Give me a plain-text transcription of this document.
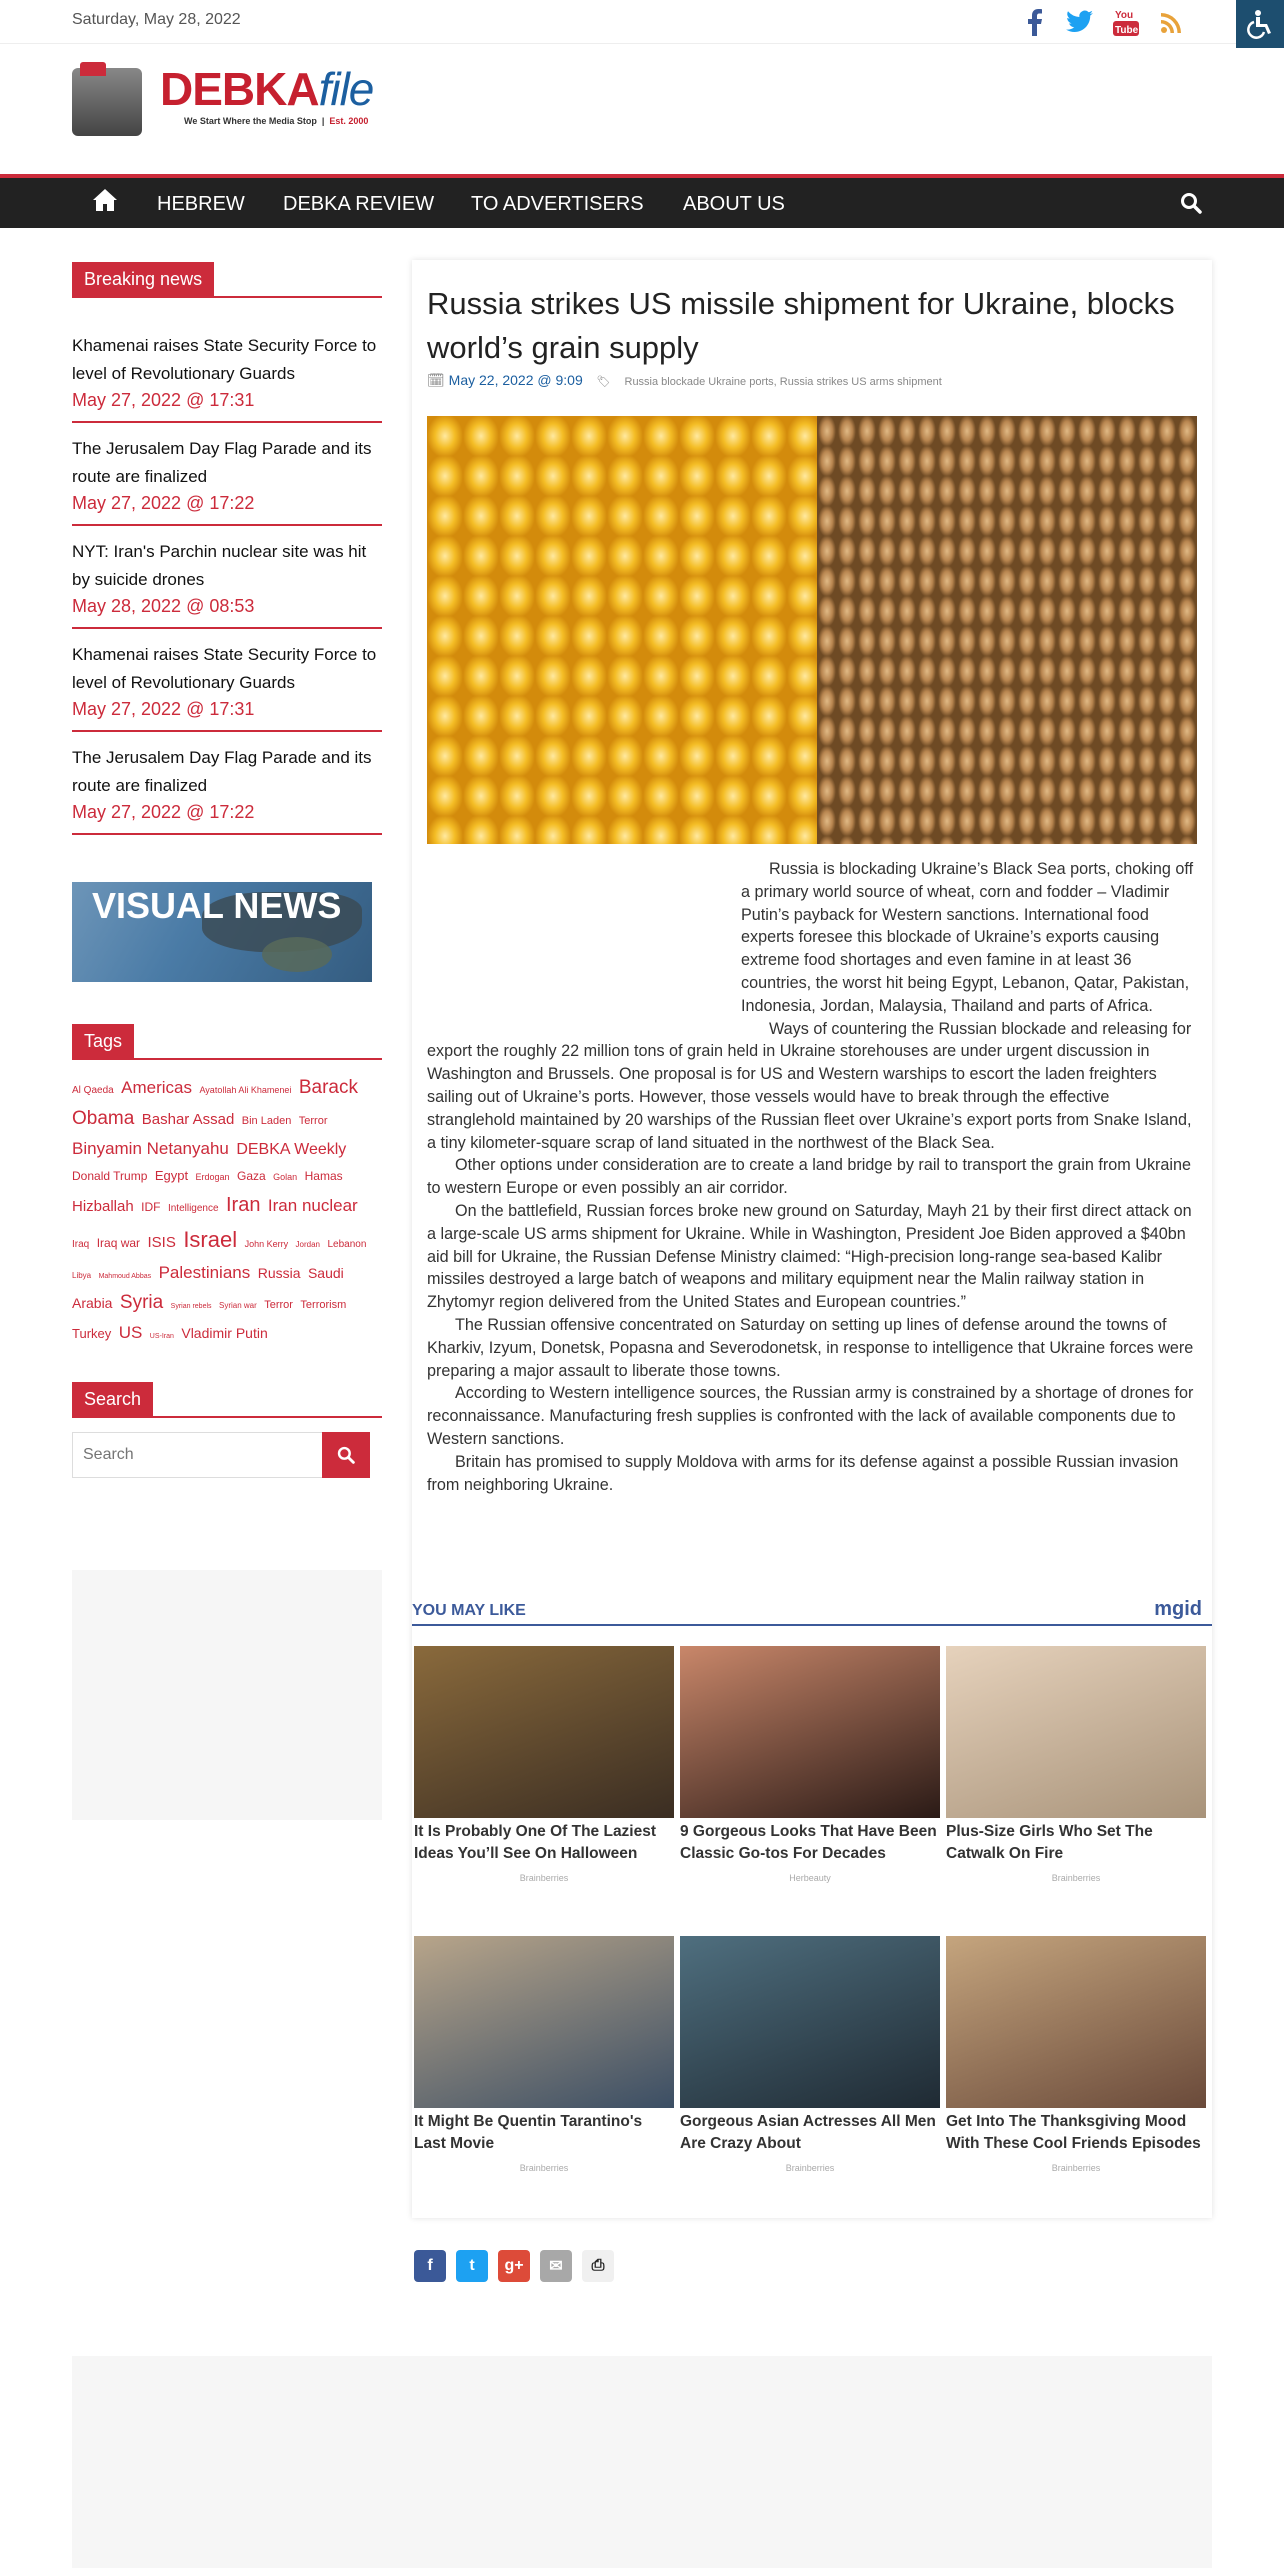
Saturday, May 28, 2022	You
Tube
DEBKAfile
We Start Where the Media Stop  |  Est. 2000
HEBREW DEBKA REVIEW TO ADVERTISERS ABOUT US
Breaking news
Khamenai raises State Security Force to level of Revolutionary Guards
May 27, 2022 @ 17:31
The Jerusalem Day Flag Parade and its route are finalized
May 27, 2022 @ 17:22
NYT: Iran's Parchin nuclear site was hit by suicide drones
May 28, 2022 @ 08:53
Khamenai raises State Security Force to level of Revolutionary Guards
May 27, 2022 @ 17:31
The Jerusalem Day Flag Parade and its route are finalized
May 27, 2022 @ 17:22
VISUAL NEWS
Tags
Al Qaeda Americas Ayatollah Ali Khamenei Barack Obama Bashar Assad Bin Laden Terror Binyamin Netanyahu DEBKA Weekly Donald Trump Egypt Erdogan Gaza Golan Hamas Hizballah IDF Intelligence Iran Iran nuclear Iraq Iraq war ISIS Israel John Kerry Jordan Lebanon Libya Mahmoud Abbas Palestinians Russia Saudi Arabia Syria Syrian rebels Syrian war Terror Terrorism Turkey US US-Iran Vladimir Putin
Search
Search
Russia strikes US missile shipment for Ukraine, blocks world’s grain supply
🗓 May 22, 2022 @ 9:09 🏷 Russia blockade Ukraine ports, Russia strikes US arms shipment

Russia is blockading Ukraine’s Black Sea ports, choking off a primary world source of wheat, corn and fodder – Vladimir Putin’s payback for Western sanctions. International food experts foresee this blockade of Ukraine’s exports causing extreme food shortages and even famine in at least 36 countries, the worst hit being Egypt, Lebanon, Qatar, Pakistan, Indonesia, Jordan, Malaysia, Thailand and parts of Africa.

Ways of countering the Russian blockade and releasing for export the roughly 22 million tons of grain held in Ukraine storehouses are under urgent discussion in Washington and Brussels. One proposal is for US and Western warships to escort the laden freighters sailing out of Ukraine’s ports. However, those vessels would have to break through the effective stranglehold maintained by 20 warships of the Russian fleet over Ukraine’s export ports from Snake Island, a tiny kilometer-square scrap of land situated in the northwest of the Black Sea.

Other options under consideration are to create a land bridge by rail to transport the grain from Ukraine to western Europe or even possibly an air corridor.

On the battlefield, Russian forces broke new ground on Saturday, Mayh 21 by their first direct attack on a large-scale US arms shipment for Ukraine. While in Washington, President Joe Biden approved a $40bn aid bill for Ukraine, the Russian Defense Ministry claimed: “High-precision long-range sea-based Kalibr missiles destroyed a large batch of weapons and military equipment near the Malin railway station in Zhytomyr region delivered from the United States and European countries.”

The Russian offensive concentrated on Saturday on setting up lines of defense around the towns of Kharkiv, Izyum, Donetsk, Popasna and Severodonetsk, in response to intelligence that Ukraine forces were preparing a major assault to liberate those towns.

According to Western intelligence sources, the Russian army is constrained by a shortage of drones for reconnaissance. Manufacturing fresh supplies is confronted with the lack of available components due to Western sanctions.

Britain has promised to supply Moldova with arms for its defense against a possible Russian invasion from neighboring Ukraine.

YOU MAY LIKE	mgid
It Is Probably One Of The Laziest Ideas You’ll See On Halloween
Brainberries
9 Gorgeous Looks That Have Been Classic Go-tos For Decades
Herbeauty
Plus-Size Girls Who Set The Catwalk On Fire
Brainberries
It Might Be Quentin Tarantino's Last Movie
Brainberries
Gorgeous Asian Actresses All Men Are Crazy About
Brainberries
Get Into The Thanksgiving Mood With These Cool Friends Episodes
Brainberries
f t g+ ✉ ⎙
